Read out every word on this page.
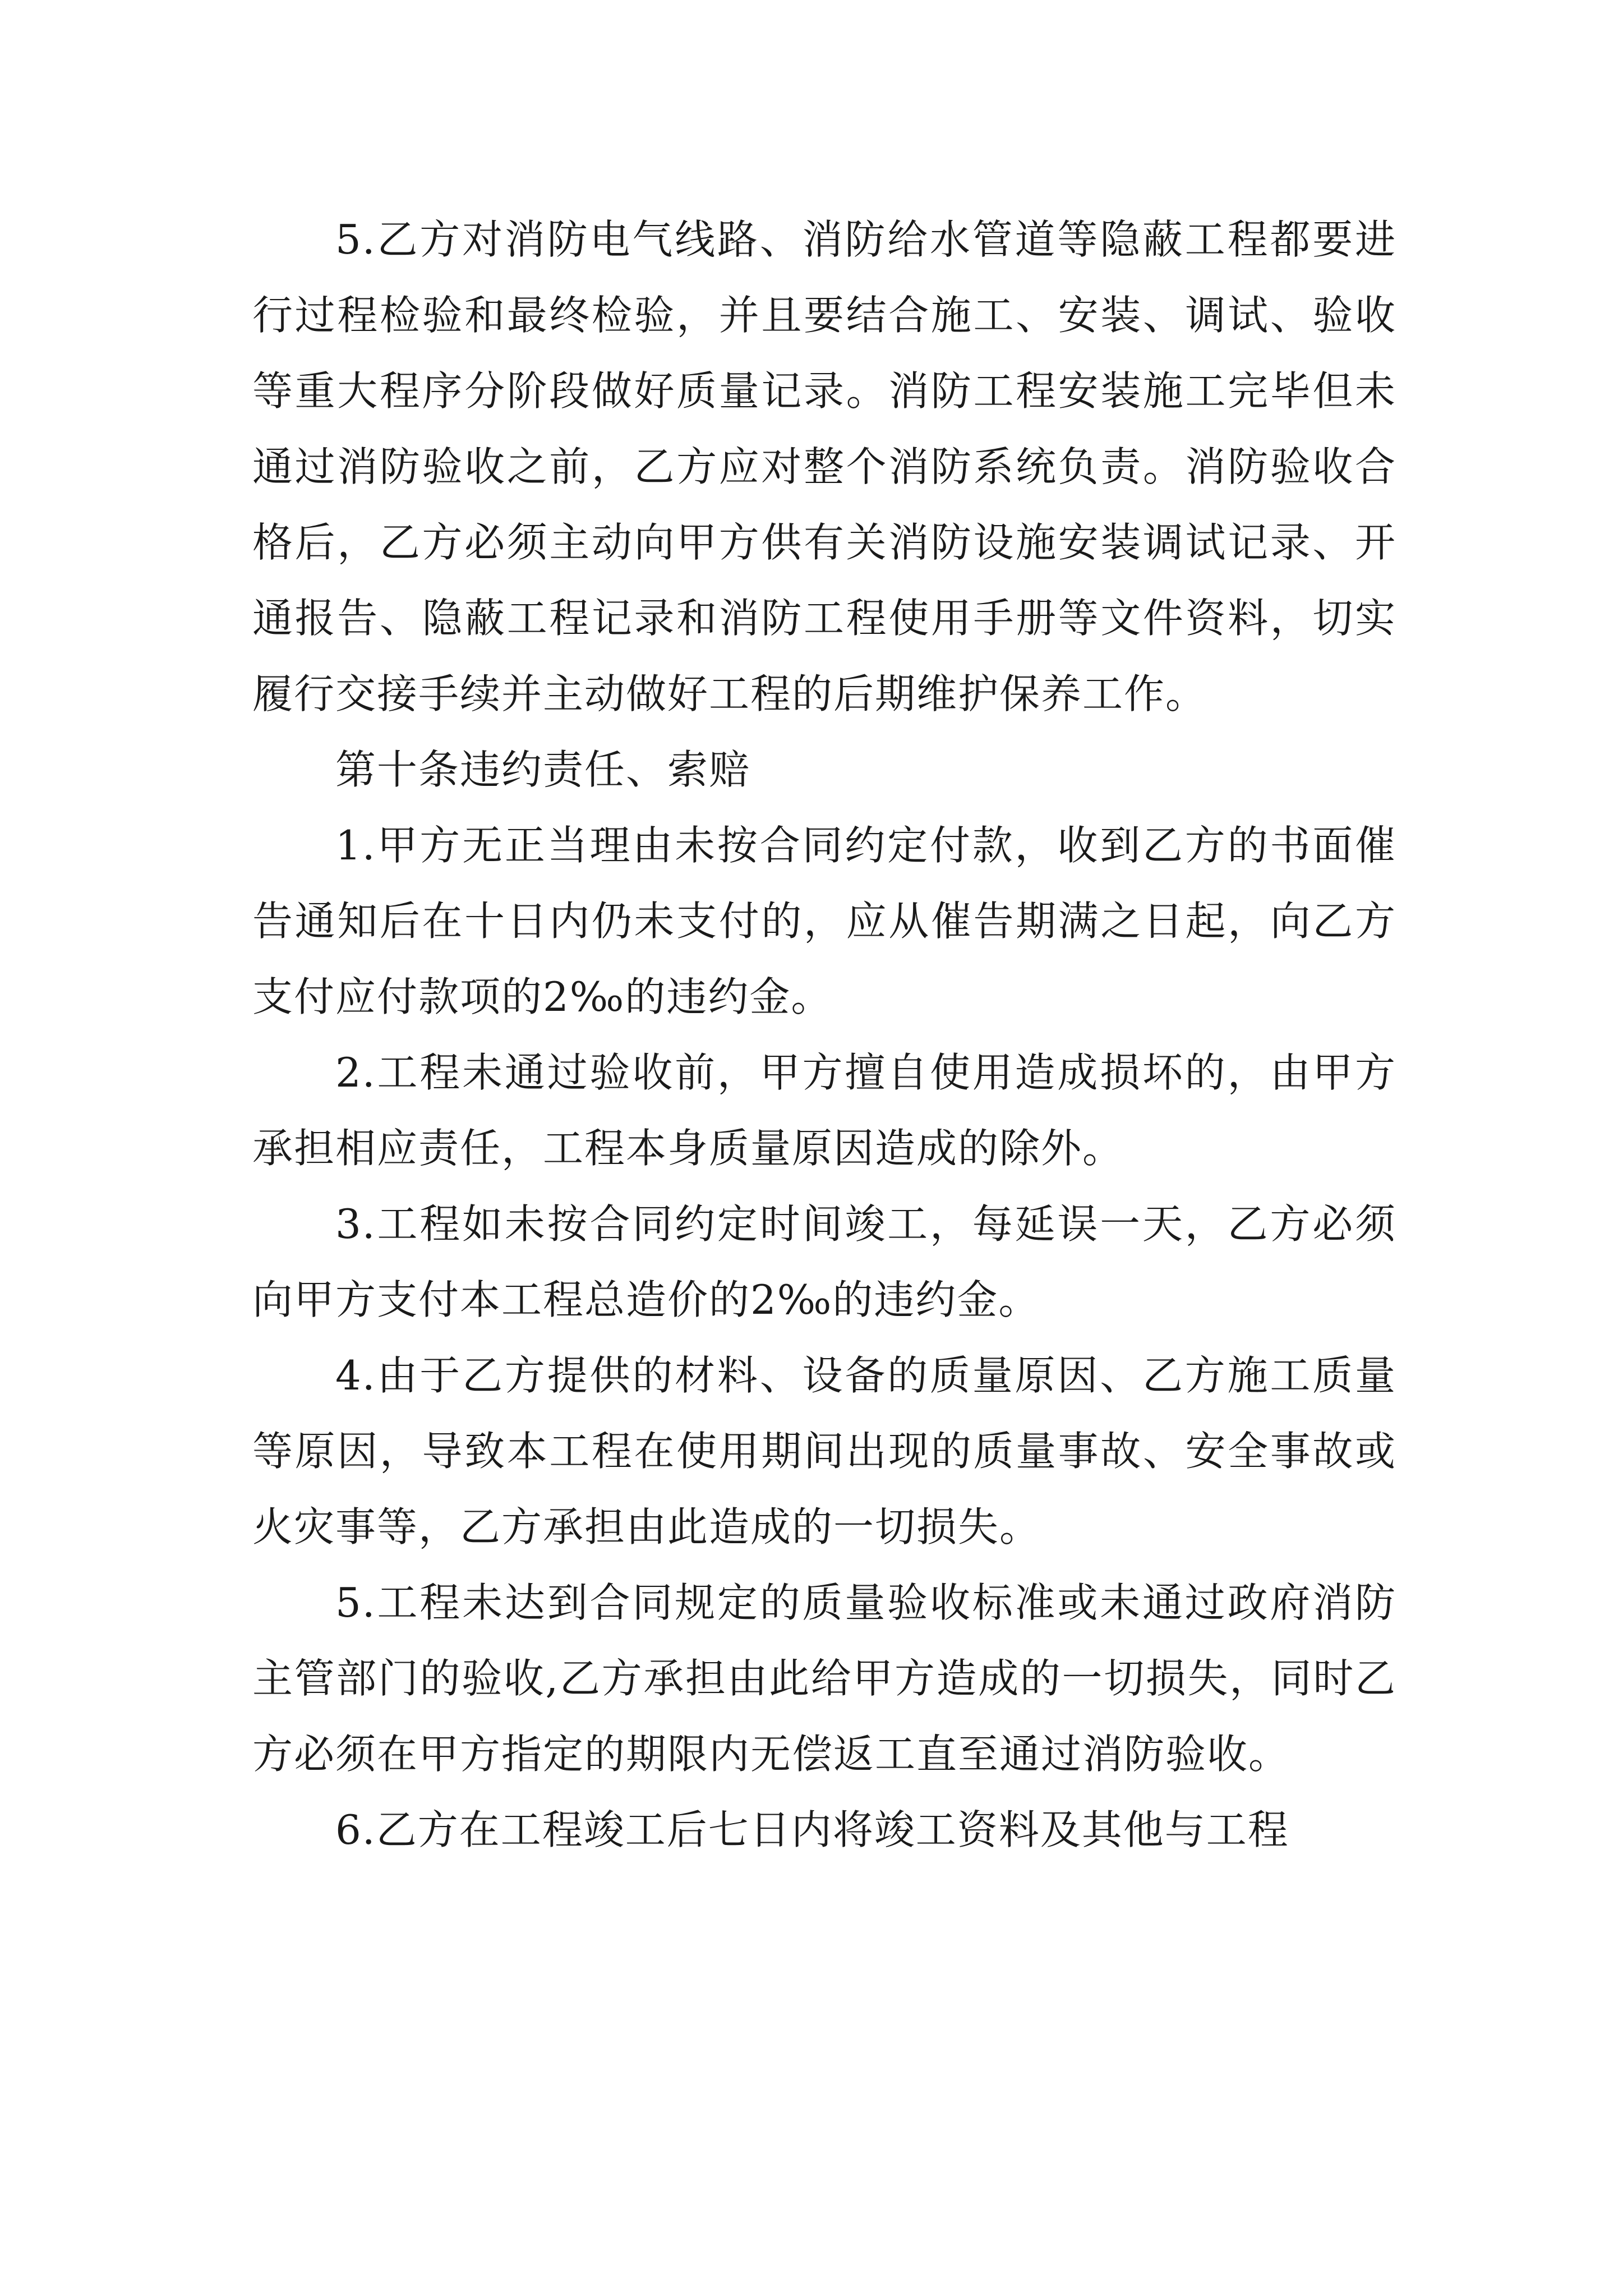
5.乙方对消防电气线路、消防给水管道等隐蔽工程都要进行过程检验和最终检验，并且要结合施工、安装、调试、验收等重大程序分阶段做好质量记录。消防工程安装施工完毕但未通过消防验收之前，乙方应对整个消防系统负责。消防验收合格后，乙方必须主动向甲方供有关消防设施安装调试记录、开通报告、隐蔽工程记录和消防工程使用手册等文件资料，切实履行交接手续并主动做好工程的后期维护保养工作。

第十条违约责任、索赔

1.甲方无正当理由未按合同约定付款，收到乙方的书面催告通知后在十日内仍未支付的，应从催告期满之日起，向乙方支付应付款项的2‰的违约金。

2.工程未通过验收前，甲方擅自使用造成损坏的，由甲方承担相应责任，工程本身质量原因造成的除外。

3.工程如未按合同约定时间竣工，每延误一天，乙方必须向甲方支付本工程总造价的2‰的违约金。

4.由于乙方提供的材料、设备的质量原因、乙方施工质量等原因，导致本工程在使用期间出现的质量事故、安全事故或火灾事等，乙方承担由此造成的一切损失。

5.工程未达到合同规定的质量验收标准或未通过政府消防主管部门的验收,乙方承担由此给甲方造成的一切损失，同时乙方必须在甲方指定的期限内无偿返工直至通过消防验收。

6.乙方在工程竣工后七日内将竣工资料及其他与工程
